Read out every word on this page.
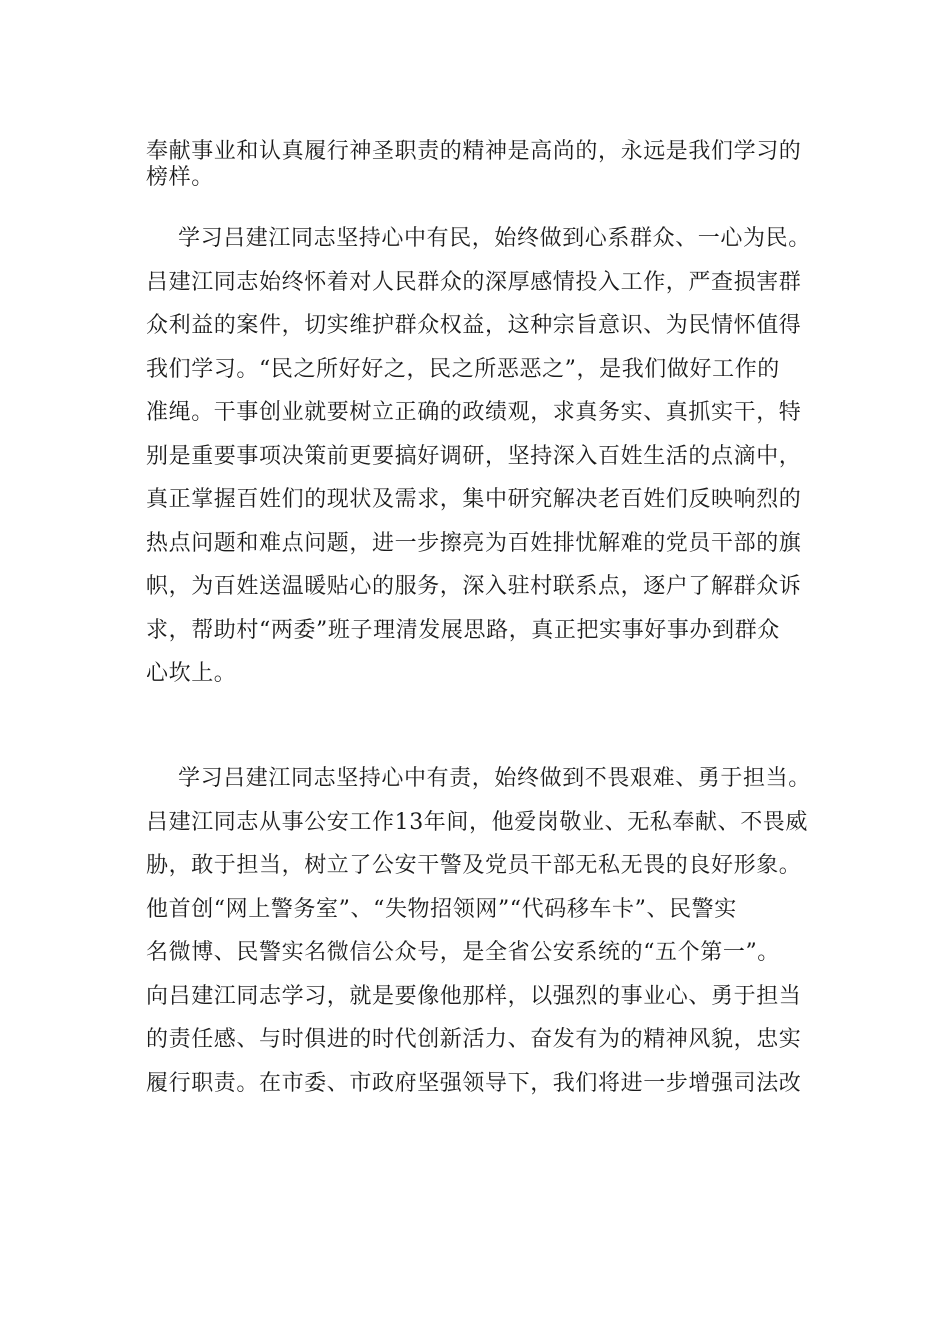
奉献事业和认真履行神圣职责的精神是高尚的，永远是我们学习的
榜样。
学习吕建江同志坚持心中有民，始终做到心系群众、一心为民。
吕建江同志始终怀着对人民群众的深厚感情投入工作，严查损害群
众利益的案件，切实维护群众权益，这种宗旨意识、为民情怀值得
我们学习。“民之所好好之，民之所恶恶之”，是我们做好工作的
准绳。干事创业就要树立正确的政绩观，求真务实、真抓实干，特
别是重要事项决策前更要搞好调研，坚持深入百姓生活的点滴中，
真正掌握百姓们的现状及需求，集中研究解决老百姓们反映响烈的
热点问题和难点问题，进一步擦亮为百姓排忧解难的党员干部的旗
帜，为百姓送温暖贴心的服务，深入驻村联系点，逐户了解群众诉
求，帮助村“两委”班子理清发展思路，真正把实事好事办到群众
心坎上。
学习吕建江同志坚持心中有责，始终做到不畏艰难、勇于担当。
吕建江同志从事公安工作13年间，他爱岗敬业、无私奉献、不畏威
胁，敢于担当，树立了公安干警及党员干部无私无畏的良好形象。
他首创“网上警务室”、“失物招领网”“代码移车卡”、民警实
名微博、民警实名微信公众号，是全省公安系统的“五个第一”。
向吕建江同志学习，就是要像他那样，以强烈的事业心、勇于担当
的责任感、与时俱进的时代创新活力、奋发有为的精神风貌，忠实
履行职责。在市委、市政府坚强领导下，我们将进一步增强司法改
